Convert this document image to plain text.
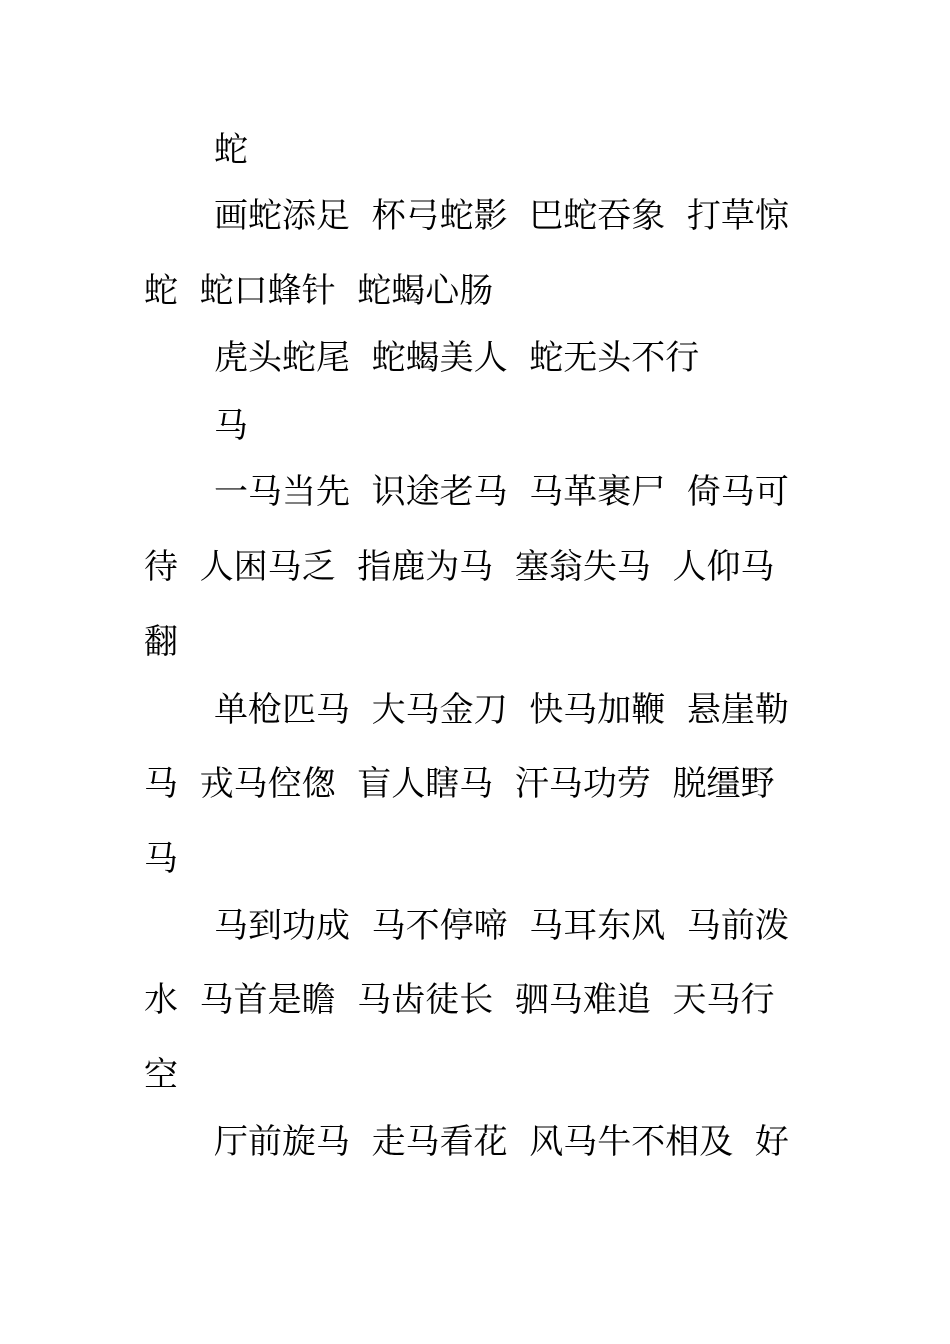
蛇
画蛇添足  杯弓蛇影  巴蛇吞象  打草惊
蛇  蛇口蜂针  蛇蝎心肠
虎头蛇尾  蛇蝎美人  蛇无头不行
马
一马当先  识途老马  马革裹尸  倚马可
待  人困马乏  指鹿为马  塞翁失马  人仰马
翻
单枪匹马  大马金刀  快马加鞭  悬崖勒
马  戎马倥偬  盲人瞎马  汗马功劳  脱缰野
马
马到功成  马不停啼  马耳东风  马前泼
水  马首是瞻  马齿徒长  驷马难追  天马行
空
厅前旋马  走马看花  风马牛不相及  好
